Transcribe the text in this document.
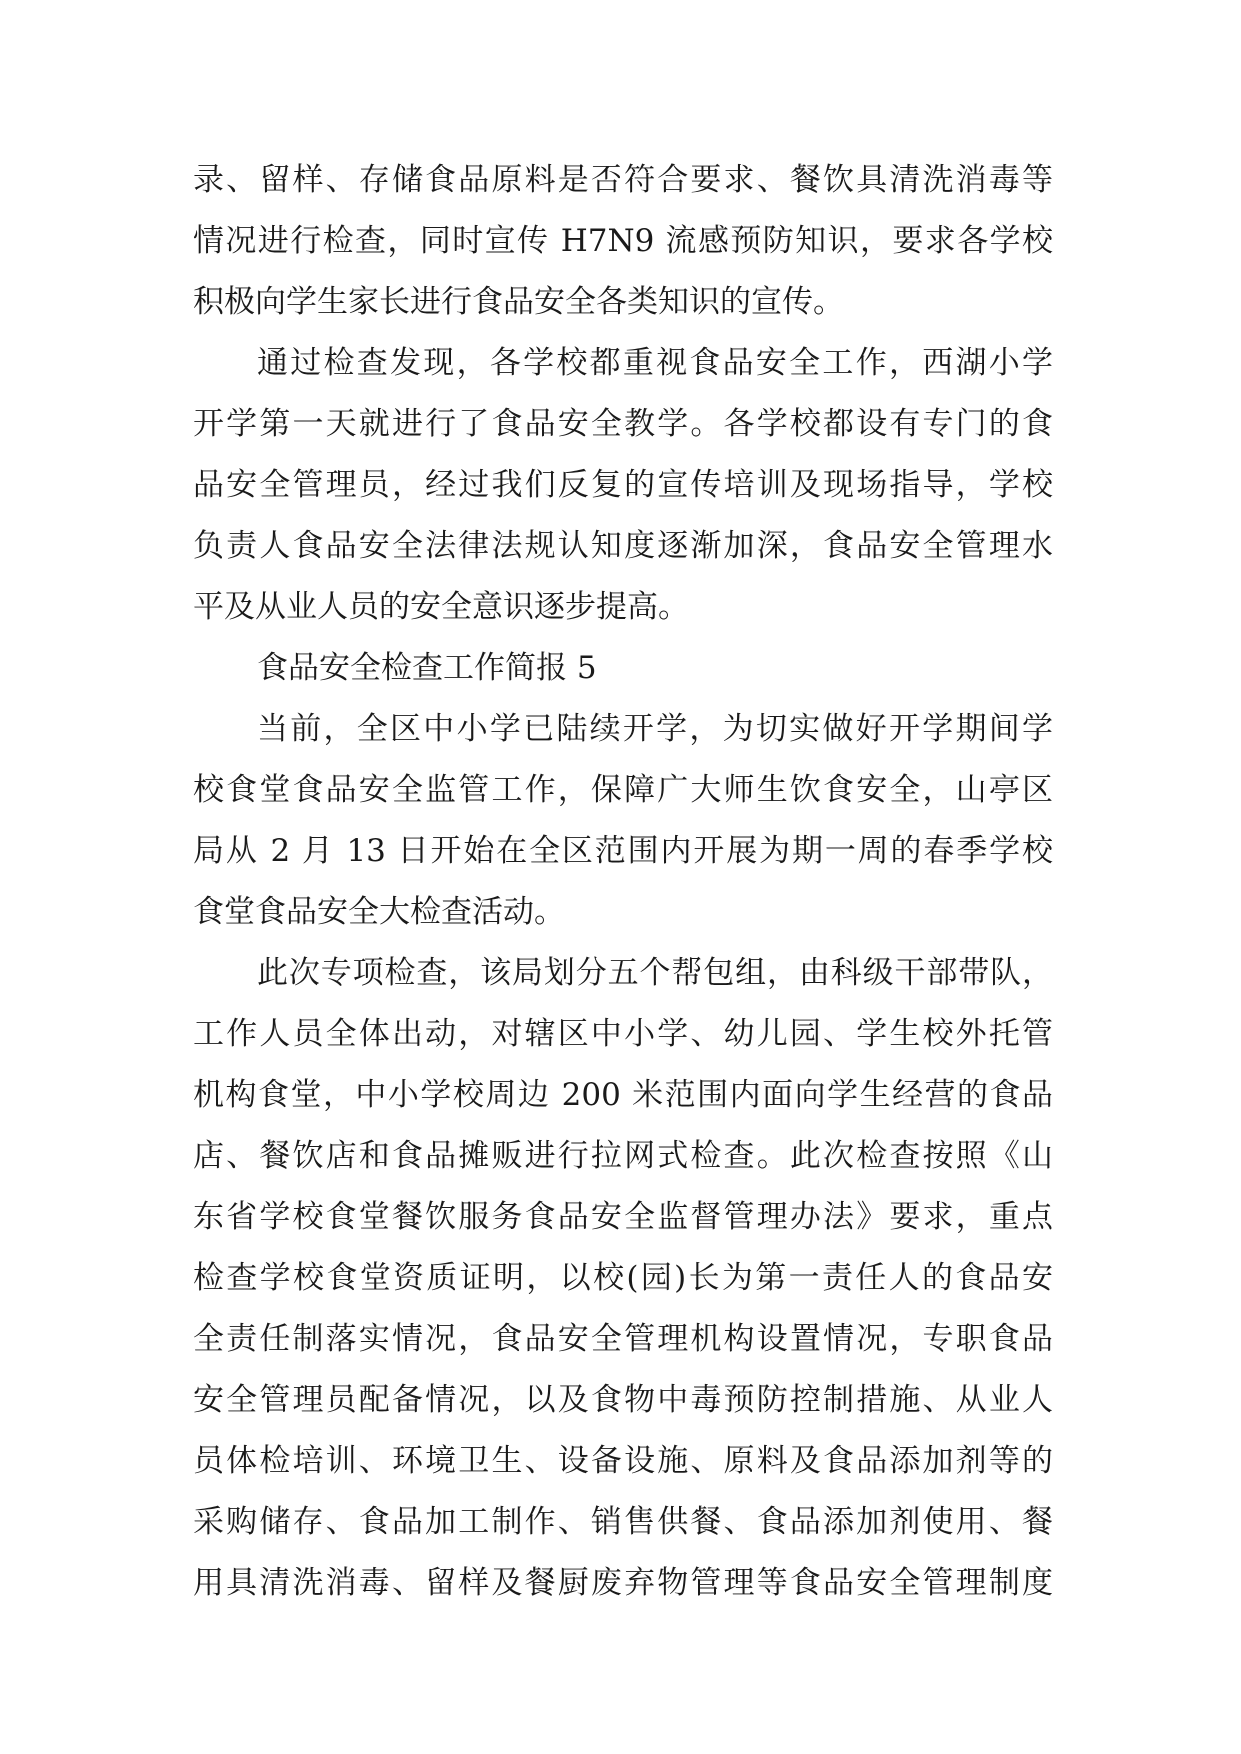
录、留样、存储食品原料是否符合要求、餐饮具清洗消毒等
情况进行检查，同时宣传 H7N9 流感预防知识，要求各学校
积极向学生家长进行食品安全各类知识的宣传。
通过检查发现，各学校都重视食品安全工作，西湖小学
开学第一天就进行了食品安全教学。各学校都设有专门的食
品安全管理员，经过我们反复的宣传培训及现场指导，学校
负责人食品安全法律法规认知度逐渐加深，食品安全管理水
平及从业人员的安全意识逐步提高。
食品安全检查工作简报 5
当前，全区中小学已陆续开学，为切实做好开学期间学
校食堂食品安全监管工作，保障广大师生饮食安全，山亭区
局从 2 月 13 日开始在全区范围内开展为期一周的春季学校
食堂食品安全大检查活动。
此次专项检查，该局划分五个帮包组，由科级干部带队，
工作人员全体出动，对辖区中小学、幼儿园、学生校外托管
机构食堂，中小学校周边 200 米范围内面向学生经营的食品
店、餐饮店和食品摊贩进行拉网式检查。此次检查按照《山
东省学校食堂餐饮服务食品安全监督管理办法》要求，重点
检查学校食堂资质证明，以校(园)长为第一责任人的食品安
全责任制落实情况，食品安全管理机构设置情况，专职食品
安全管理员配备情况，以及食物中毒预防控制措施、从业人
员体检培训、环境卫生、设备设施、原料及食品添加剂等的
采购储存、食品加工制作、销售供餐、食品添加剂使用、餐
用具清洗消毒、留样及餐厨废弃物管理等食品安全管理制度
